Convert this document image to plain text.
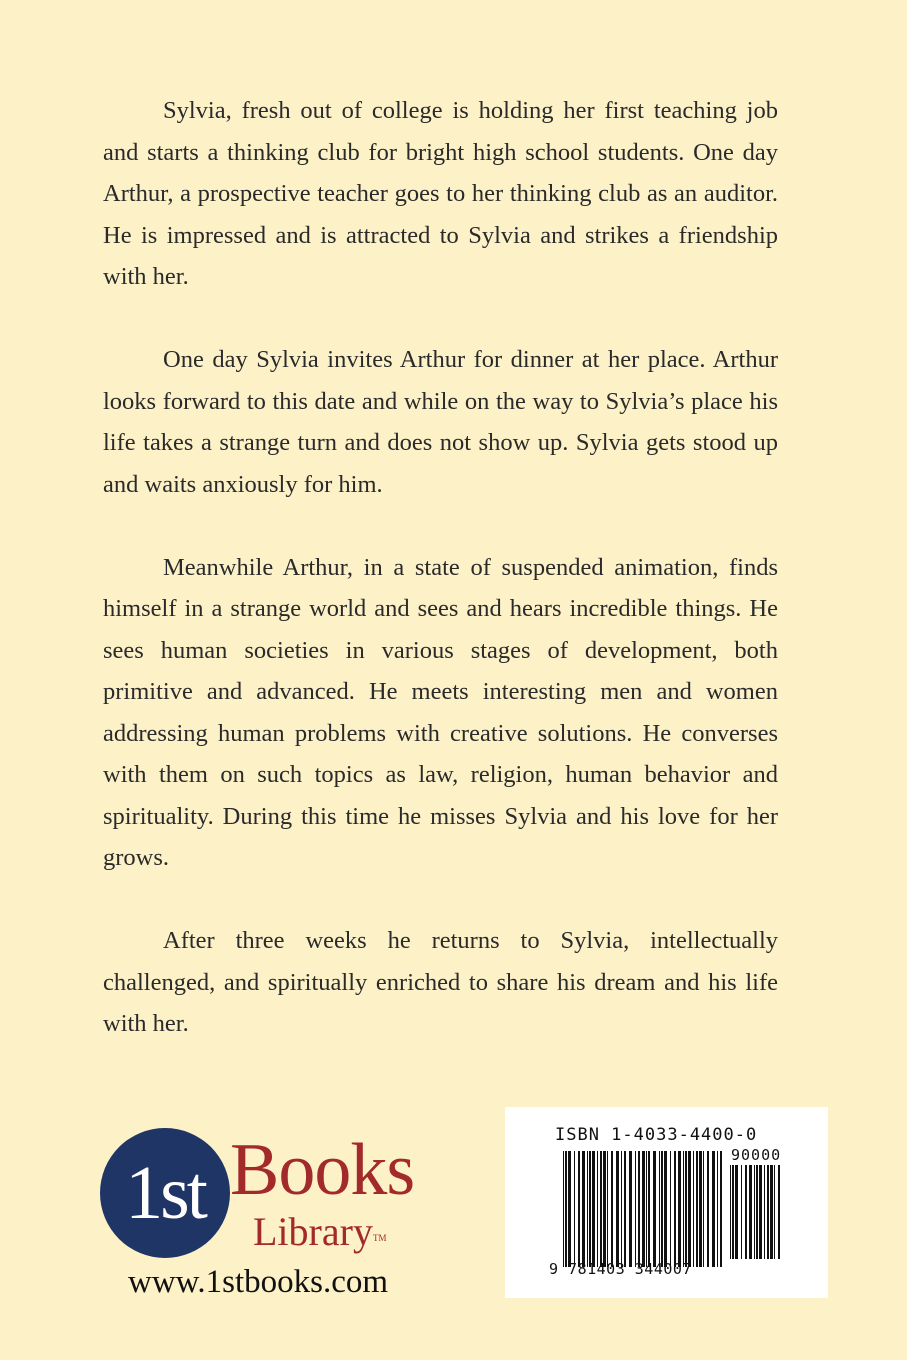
Sylvia, fresh out of college is holding her first teaching job and starts a thinking club for bright high school students. One day Arthur, a prospective teacher goes to her thinking club as an auditor. He is impressed and is attracted to Sylvia and strikes a friendship with her.

One day Sylvia invites Arthur for dinner at her place. Arthur looks forward to this date and while on the way to Sylvia’s place his life takes a strange turn and does not show up. Sylvia gets stood up and waits anxiously for him.

Meanwhile Arthur, in a state of suspended animation, finds himself in a strange world and sees and hears incredible things. He sees human societies in various stages of development, both primitive and advanced. He meets interesting men and women addressing human problems with creative solutions. He converses with them on such topics as law, religion, human behavior and spirituality. During this time he misses Sylvia and his love for her grows.

After three weeks he returns to Sylvia, intellectually challenged, and spiritually enriched to share his dream and his life with her.

1st Books
Library™
www.1stbooks.com
ISBN 1-4033-4400-0
90000
9 781403 344007
